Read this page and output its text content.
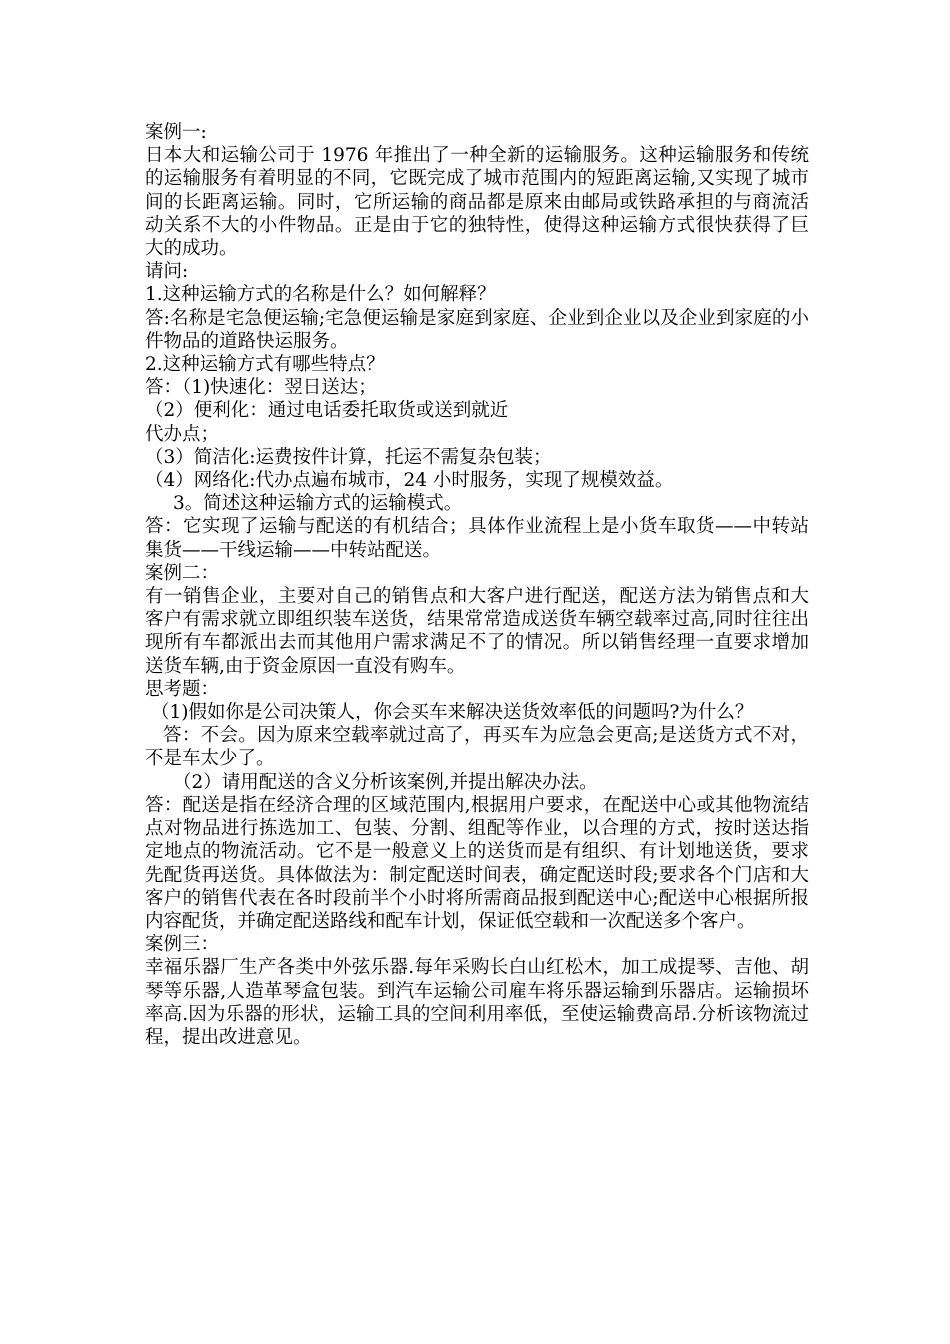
案例一:

日本大和运输公司于 1976 年推出了一种全新的运输服务。这种运输服务和传统的运输服务有着明显的不同，它既完成了城市范围内的短距离运输,又实现了城市间的长距离运输。同时，它所运输的商品都是原来由邮局或铁路承担的与商流活动关系不大的小件物品。正是由于它的独特性，使得这种运输方式很快获得了巨大的成功。

请问:

1.这种运输方式的名称是什么？如何解释？

答:名称是宅急便运输;宅急便运输是家庭到家庭、企业到企业以及企业到家庭的小件物品的道路快运服务。

2.这种运输方式有哪些特点？

答：（1)快速化：翌日送达；

（2）便利化：通过电话委托取货或送到就近

代办点；

（3）简洁化:运费按件计算，托运不需复杂包装；

（4）网络化:代办点遍布城市，24 小时服务，实现了规模效益。

3。简述这种运输方式的运输模式。

答：它实现了运输与配送的有机结合；具体作业流程上是小货车取货——中转站集货——干线运输——中转站配送。

案例二：

有一销售企业，主要对自己的销售点和大客户进行配送，配送方法为销售点和大客户有需求就立即组织装车送货，结果常常造成送货车辆空载率过高,同时往往出现所有车都派出去而其他用户需求满足不了的情况。所以销售经理一直要求增加送货车辆,由于资金原因一直没有购车。

思考题：

（1)假如你是公司决策人，你会买车来解决送货效率低的问题吗?为什么？

答：不会。因为原来空载率就过高了，再买车为应急会更高;是送货方式不对，不是车太少了。

（2）请用配送的含义分析该案例,并提出解决办法。

答：配送是指在经济合理的区域范围内,根据用户要求，在配送中心或其他物流结点对物品进行拣选加工、包装、分割、组配等作业，以合理的方式，按时送达指定地点的物流活动。它不是一般意义上的送货而是有组织、有计划地送货，要求先配货再送货。具体做法为：制定配送时间表，确定配送时段;要求各个门店和大客户的销售代表在各时段前半个小时将所需商品报到配送中心;配送中心根据所报内容配货，并确定配送路线和配车计划，保证低空载和一次配送多个客户。

案例三：

幸福乐器厂生产各类中外弦乐器.每年采购长白山红松木，加工成提琴、吉他、胡琴等乐器,人造革琴盒包装。到汽车运输公司雇车将乐器运输到乐器店。运输损坏率高.因为乐器的形状，运输工具的空间利用率低，至使运输费高昂.分析该物流过程，提出改进意见。
